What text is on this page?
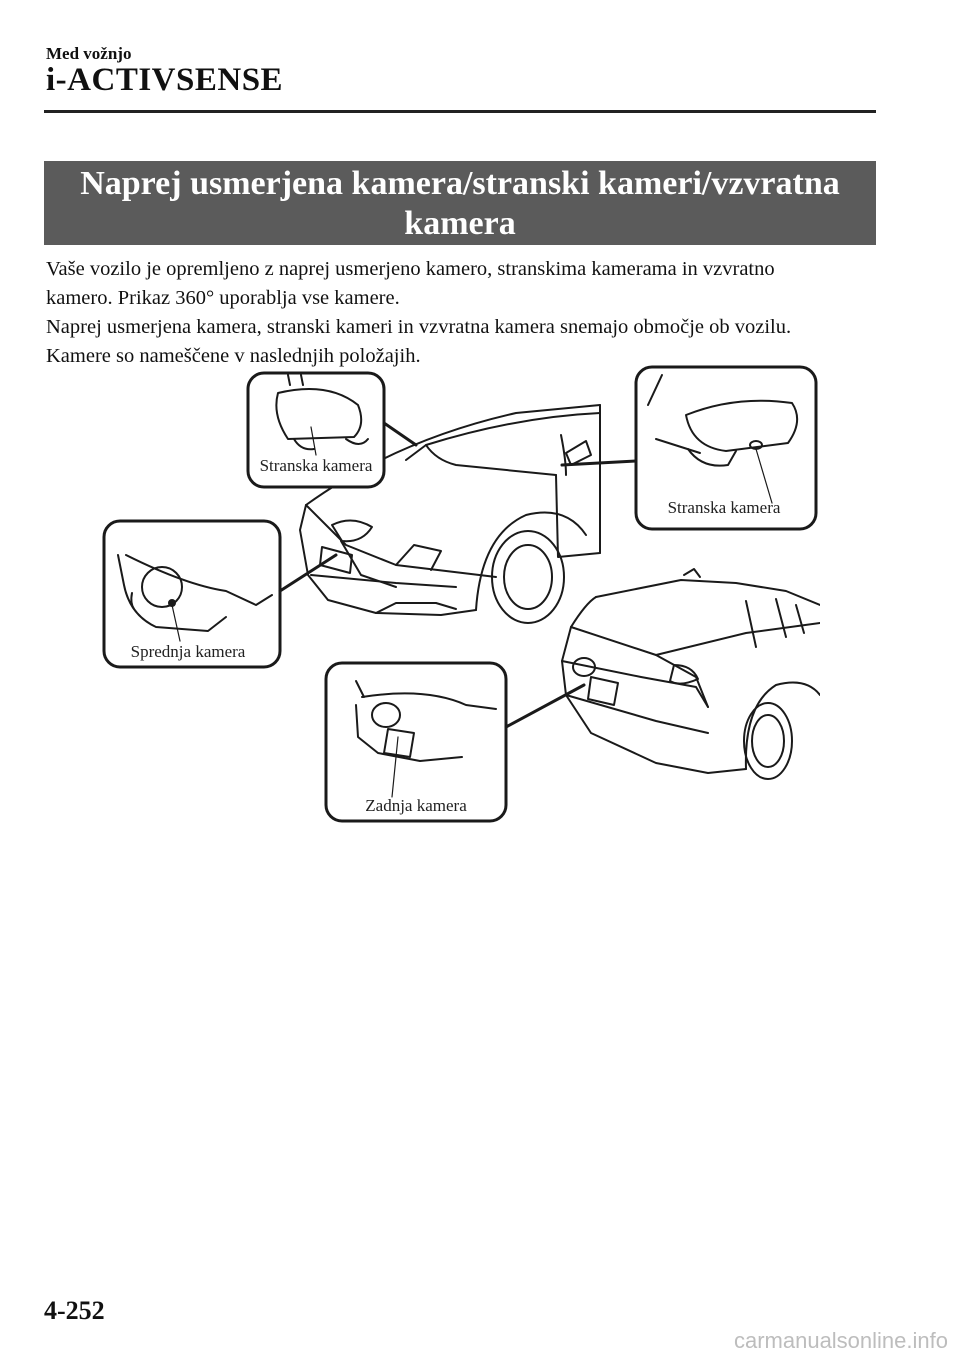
Med vožnjo
i-ACTIVSENSE
Naprej usmerjena kamera/stranski kameri/vzvratna
kamera

Vaše vozilo je opremljeno z naprej usmerjeno kamero, stranskima kamerama in vzvratno

kamero. Prikaz 360° uporablja vse kamere.

Naprej usmerjena kamera, stranski kameri in vzvratna kamera snemajo območje ob vozilu.

Kamere so nameščene v naslednjih položajih.

Stranska kamera
Stranska kamera
Sprednja kamera
Zadnja kamera
4-252
carmanualsonline.info
